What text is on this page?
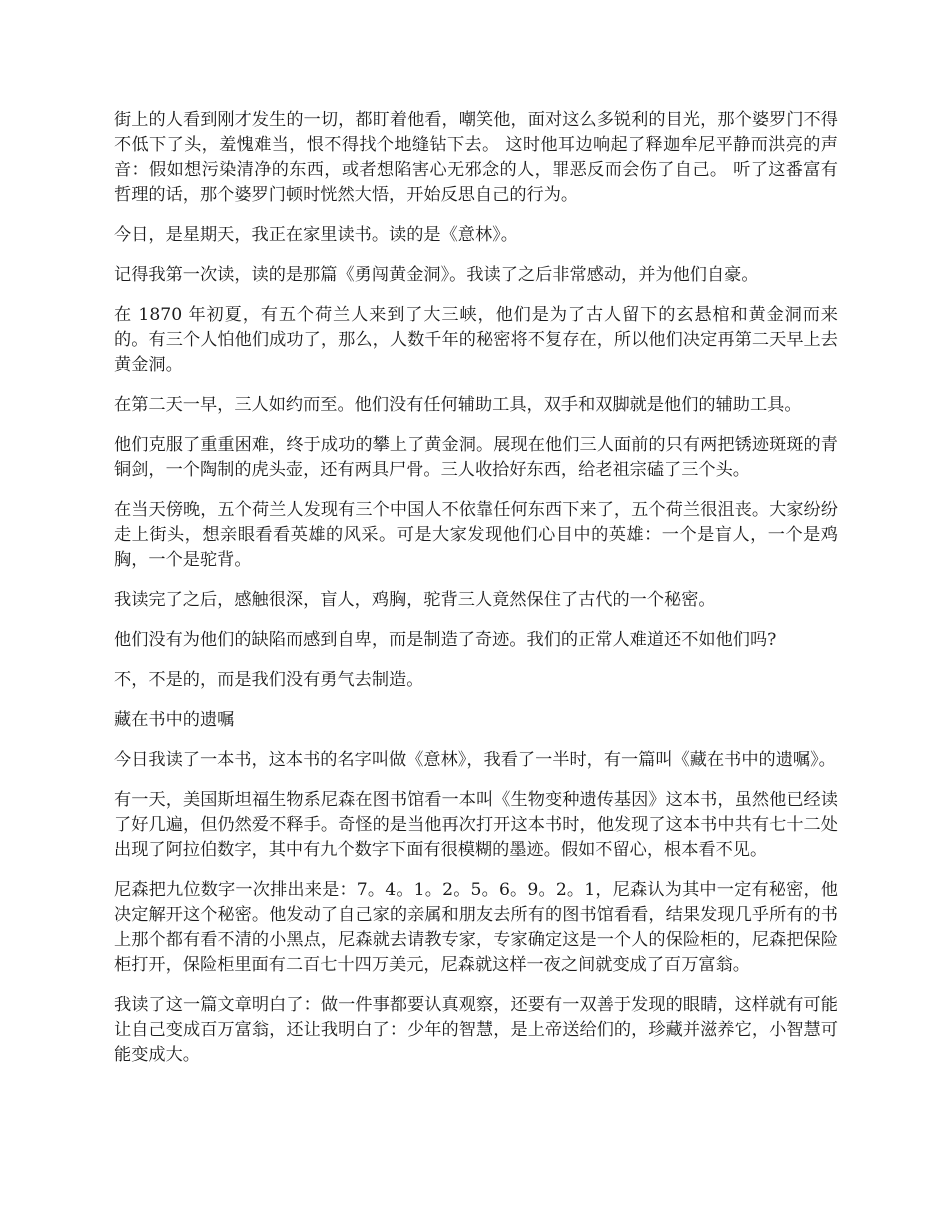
街上的人看到刚才发生的一切，都盯着他看，嘲笑他，面对这么多锐利的目光，那个婆罗门不得不低下了头，羞愧难当，恨不得找个地缝钻下去。 这时他耳边响起了释迦牟尼平静而洪亮的声音：假如想污染清净的东西，或者想陷害心无邪念的人，罪恶反而会伤了自己。 听了这番富有哲理的话，那个婆罗门顿时恍然大悟，开始反思自己的行为。

今日，是星期天，我正在家里读书。读的是《意林》。

记得我第一次读，读的是那篇《勇闯黄金洞》。我读了之后非常感动，并为他们自豪。

在 1870 年初夏，有五个荷兰人来到了大三峡，他们是为了古人留下的玄悬棺和黄金洞而来的。有三个人怕他们成功了，那么，人数千年的秘密将不复存在，所以他们决定再第二天早上去黄金洞。

在第二天一早，三人如约而至。他们没有任何辅助工具，双手和双脚就是他们的辅助工具。

他们克服了重重困难，终于成功的攀上了黄金洞。展现在他们三人面前的只有两把锈迹斑斑的青铜剑，一个陶制的虎头壶，还有两具尸骨。三人收拾好东西，给老祖宗磕了三个头。

在当天傍晚，五个荷兰人发现有三个中国人不依靠任何东西下来了，五个荷兰很沮丧。大家纷纷走上街头，想亲眼看看英雄的风采。可是大家发现他们心目中的英雄：一个是盲人，一个是鸡胸，一个是驼背。

我读完了之后，感触很深，盲人，鸡胸，驼背三人竟然保住了古代的一个秘密。

他们没有为他们的缺陷而感到自卑，而是制造了奇迹。我们的正常人难道还不如他们吗?

不，不是的，而是我们没有勇气去制造。

藏在书中的遗嘱

今日我读了一本书，这本书的名字叫做《意林》，我看了一半时，有一篇叫《藏在书中的遗嘱》。

有一天，美国斯坦福生物系尼森在图书馆看一本叫《生物变种遗传基因》这本书，虽然他已经读了好几遍，但仍然爱不释手。奇怪的是当他再次打开这本书时，他发现了这本书中共有七十二处出现了阿拉伯数字，其中有九个数字下面有很模糊的墨迹。假如不留心，根本看不见。

尼森把九位数字一次排出来是：7。4。1。2。5。6。9。2。1，尼森认为其中一定有秘密，他决定解开这个秘密。他发动了自己家的亲属和朋友去所有的图书馆看看，结果发现几乎所有的书上那个都有看不清的小黑点，尼森就去请教专家，专家确定这是一个人的保险柜的，尼森把保险柜打开，保险柜里面有二百七十四万美元，尼森就这样一夜之间就变成了百万富翁。

我读了这一篇文章明白了：做一件事都要认真观察，还要有一双善于发现的眼睛，这样就有可能让自己变成百万富翁，还让我明白了：少年的智慧，是上帝送给们的，珍藏并滋养它，小智慧可能变成大。
